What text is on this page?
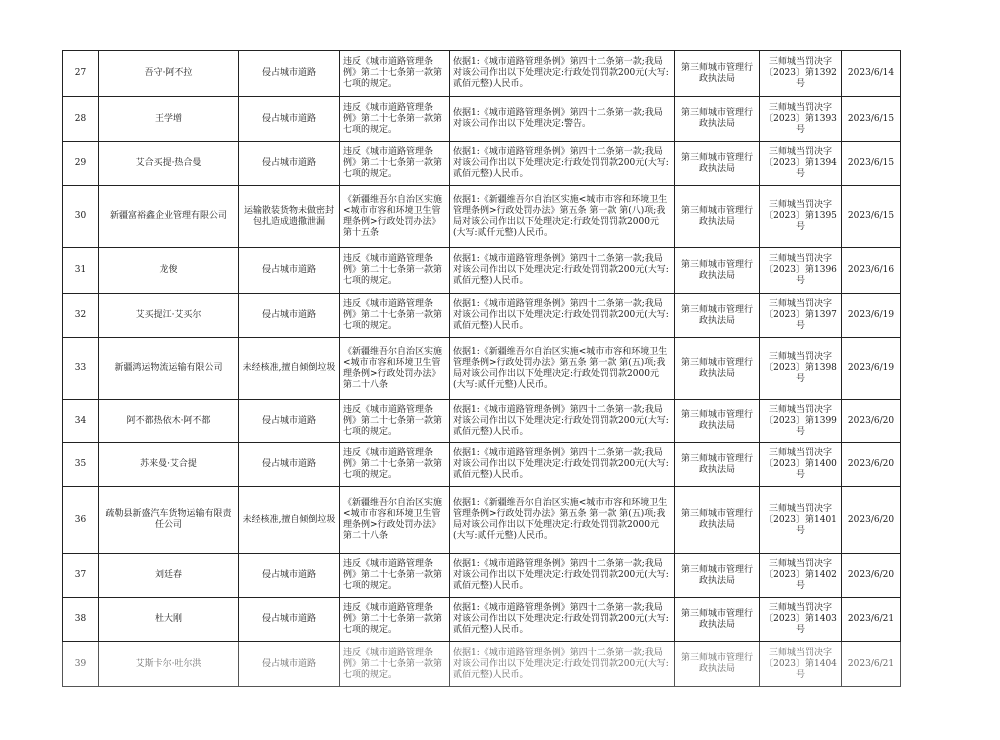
27	吾守·阿不拉	侵占城市道路	违反《城市道路管理条例》第二十七条第一款第七项的规定。	依据1:《城市道路管理条例》第四十二条第一款;我局对该公司作出以下处理决定:行政处罚罚款200元(大写:贰佰元整)人民币。	第三师城市管理行政执法局	三师城当罚决字〔2023〕第1392号	2023/6/14
28	王学增	侵占城市道路	违反《城市道路管理条例》第二十七条第一款第七项的规定。	依据1:《城市道路管理条例》第四十二条第一款;我局对该公司作出以下处理决定:警告。	第三师城市管理行政执法局	三师城当罚决字〔2023〕第1393号	2023/6/15
29	艾合买提·热合曼	侵占城市道路	违反《城市道路管理条例》第二十七条第一款第七项的规定。	依据1:《城市道路管理条例》第四十二条第一款;我局对该公司作出以下处理决定:行政处罚罚款200元(大写:贰佰元整)人民币。	第三师城市管理行政执法局	三师城当罚决字〔2023〕第1394号	2023/6/15
30	新疆富裕鑫企业管理有限公司	运输散装货物未做密封包扎造成遗撒泄漏	《新疆维吾尔自治区实施<城市市容和环境卫生管理条例>行政处罚办法》第十五条	依据1:《新疆维吾尔自治区实施<城市市容和环境卫生管理条例>行政处罚办法》第五条 第一款 第(八)项;我局对该公司作出以下处理决定:行政处罚罚款2000元(大写:贰仟元整)人民币。	第三师城市管理行政执法局	三师城当罚决字〔2023〕第1395号	2023/6/15
31	龙俊	侵占城市道路	违反《城市道路管理条例》第二十七条第一款第七项的规定。	依据1:《城市道路管理条例》第四十二条第一款;我局对该公司作出以下处理决定:行政处罚罚款200元(大写:贰佰元整)人民币。	第三师城市管理行政执法局	三师城当罚决字〔2023〕第1396号	2023/6/16
32	艾买提江·艾买尔	侵占城市道路	违反《城市道路管理条例》第二十七条第一款第七项的规定。	依据1:《城市道路管理条例》第四十二条第一款;我局对该公司作出以下处理决定:行政处罚罚款200元(大写:贰佰元整)人民币。	第三师城市管理行政执法局	三师城当罚决字〔2023〕第1397号	2023/6/19
33	新疆鸿运物流运输有限公司	未经核准,擅自倾倒垃圾	《新疆维吾尔自治区实施<城市市容和环境卫生管理条例>行政处罚办法》第二十八条	依据1:《新疆维吾尔自治区实施<城市市容和环境卫生管理条例>行政处罚办法》第五条 第一款 第(五)项;我局对该公司作出以下处理决定:行政处罚罚款2000元(大写:贰仟元整)人民币。	第三师城市管理行政执法局	三师城当罚决字〔2023〕第1398号	2023/6/19
34	阿不都热依木·阿不都	侵占城市道路	违反《城市道路管理条例》第二十七条第一款第七项的规定。	依据1:《城市道路管理条例》第四十二条第一款;我局对该公司作出以下处理决定:行政处罚罚款200元(大写:贰佰元整)人民币。	第三师城市管理行政执法局	三师城当罚决字〔2023〕第1399号	2023/6/20
35	苏来曼·艾合提	侵占城市道路	违反《城市道路管理条例》第二十七条第一款第七项的规定。	依据1:《城市道路管理条例》第四十二条第一款;我局对该公司作出以下处理决定:行政处罚罚款200元(大写:贰佰元整)人民币。	第三师城市管理行政执法局	三师城当罚决字〔2023〕第1400号	2023/6/20
36	疏勒县新盛汽车货物运输有限责任公司	未经核准,擅自倾倒垃圾	《新疆维吾尔自治区实施<城市市容和环境卫生管理条例>行政处罚办法》第二十八条	依据1:《新疆维吾尔自治区实施<城市市容和环境卫生管理条例>行政处罚办法》第五条 第一款 第(五)项;我局对该公司作出以下处理决定:行政处罚罚款2000元(大写:贰仟元整)人民币。	第三师城市管理行政执法局	三师城当罚决字〔2023〕第1401号	2023/6/20
37	刘廷春	侵占城市道路	违反《城市道路管理条例》第二十七条第一款第七项的规定。	依据1:《城市道路管理条例》第四十二条第一款;我局对该公司作出以下处理决定:行政处罚罚款200元(大写:贰佰元整)人民币。	第三师城市管理行政执法局	三师城当罚决字〔2023〕第1402号	2023/6/20
38	杜大刚	侵占城市道路	违反《城市道路管理条例》第二十七条第一款第七项的规定。	依据1:《城市道路管理条例》第四十二条第一款;我局对该公司作出以下处理决定:行政处罚罚款200元(大写:贰佰元整)人民币。	第三师城市管理行政执法局	三师城当罚决字〔2023〕第1403号	2023/6/21
39	艾斯卡尔·吐尔洪	侵占城市道路	违反《城市道路管理条例》第二十七条第一款第七项的规定。	依据1:《城市道路管理条例》第四十二条第一款;我局对该公司作出以下处理决定:行政处罚罚款200元(大写:贰佰元整)人民币。	第三师城市管理行政执法局	三师城当罚决字〔2023〕第1404号	2023/6/21
